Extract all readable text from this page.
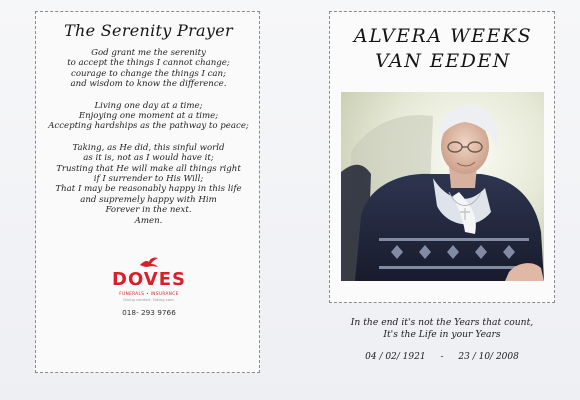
The Serenity Prayer
God grant me the serenity
to accept the things I cannot change;
courage to change the things I can;
and wisdom to know the difference.
Living one day at a time;
Enjoying one moment at a time;
Accepting hardships as the pathway to peace;
Taking, as He did, this sinful world
as it is, not as I would have it;
Trusting that He will make all things right
if I surrender to His Will;
That I may be reasonably happy in this life
and supremely happy with Him
Forever in the next.
Amen.
DOVES
FUNERALS • INSURANCE
Giving comfort. Taking care.
018- 293 9766
ALVERA WEEKS
VAN EEDEN
In the end it's not the Years that count,
It's the Life in your Years
04 / 02/ 1921 - 23 / 10/ 2008
